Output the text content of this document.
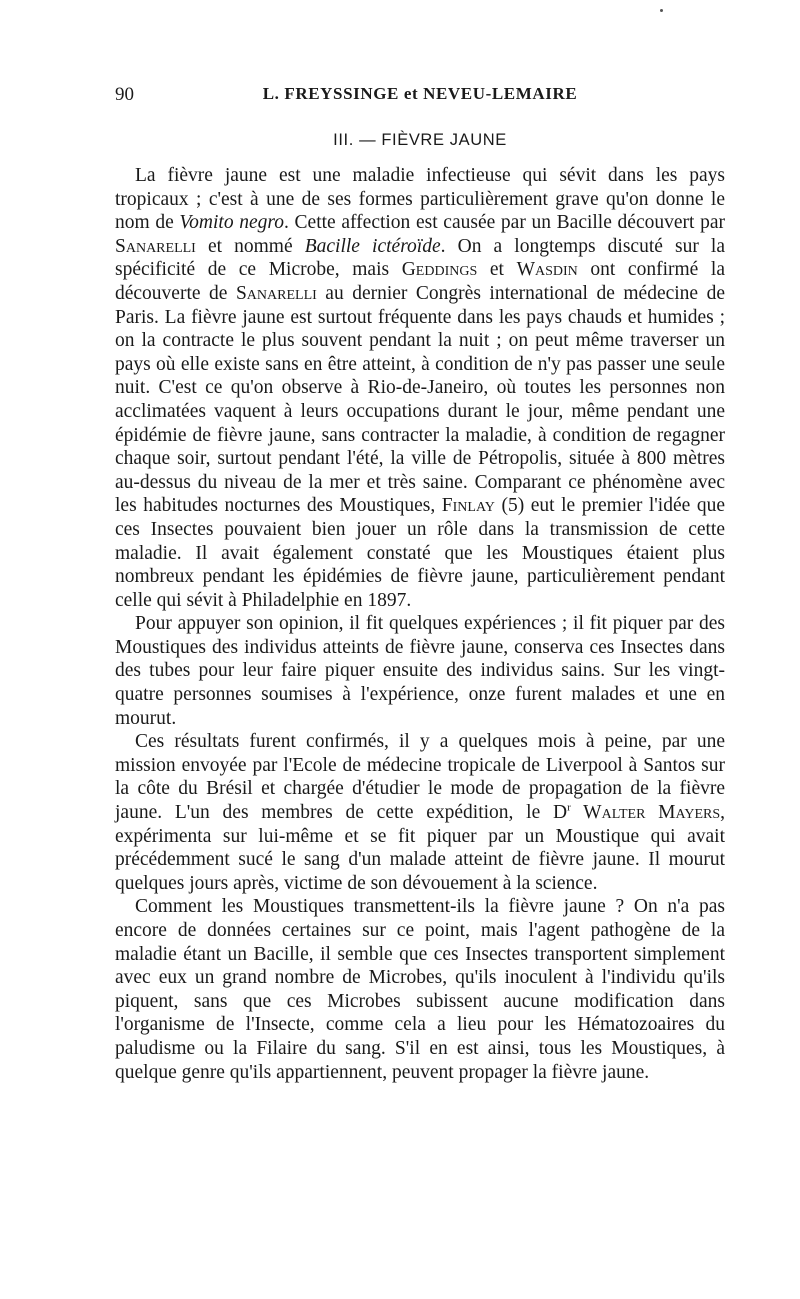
90	L. FREYSSINGE et NEVEU-LEMAIRE
III. — FIÈVRE JAUNE

La fièvre jaune est une maladie infectieuse qui sévit dans les pays tropicaux ; c'est à une de ses formes particulièrement grave qu'on donne le nom de Vomito negro. Cette affection est causée par un Bacille découvert par Sanarelli et nommé Bacille ictéroïde. On a longtemps discuté sur la spécificité de ce Microbe, mais Geddings et Wasdin ont confirmé la découverte de Sanarelli au dernier Congrès international de médecine de Paris. La fièvre jaune est surtout fréquente dans les pays chauds et humides ; on la contracte le plus souvent pendant la nuit ; on peut même traverser un pays où elle existe sans en être atteint, à condition de n'y pas passer une seule nuit. C'est ce qu'on observe à Rio-de-Janeiro, où toutes les personnes non acclimatées vaquent à leurs occupations durant le jour, même pendant une épidémie de fièvre jaune, sans contracter la maladie, à condition de regagner chaque soir, surtout pendant l'été, la ville de Pétropolis, située à 800 mètres au-dessus du niveau de la mer et très saine. Comparant ce phénomène avec les habitudes nocturnes des Moustiques, Finlay (5) eut le premier l'idée que ces Insectes pouvaient bien jouer un rôle dans la transmission de cette maladie. Il avait également constaté que les Moustiques étaient plus nombreux pendant les épidémies de fièvre jaune, particulièrement pendant celle qui sévit à Philadelphie en 1897.

Pour appuyer son opinion, il fit quelques expériences ; il fit piquer par des Moustiques des individus atteints de fièvre jaune, conserva ces Insectes dans des tubes pour leur faire piquer ensuite des individus sains. Sur les vingt-quatre personnes soumises à l'expérience, onze furent malades et une en mourut.

Ces résultats furent confirmés, il y a quelques mois à peine, par une mission envoyée par l'Ecole de médecine tropicale de Liverpool à Santos sur la côte du Brésil et chargée d'étudier le mode de propagation de la fièvre jaune. L'un des membres de cette expédition, le $D^r$ Walter Mayers, expérimenta sur lui-même et se fit piquer par un Moustique qui avait précédemment sucé le sang d'un malade atteint de fièvre jaune. Il mourut quelques jours après, victime de son dévouement à la science.

Comment les Moustiques transmettent-ils la fièvre jaune ? On n'a pas encore de données certaines sur ce point, mais l'agent pathogène de la maladie étant un Bacille, il semble que ces Insectes transportent simplement avec eux un grand nombre de Microbes, qu'ils inoculent à l'individu qu'ils piquent, sans que ces Microbes subissent aucune modification dans l'organisme de l'Insecte, comme cela a lieu pour les Hématozoaires du paludisme ou la Filaire du sang. S'il en est ainsi, tous les Moustiques, à quelque genre qu'ils appartiennent, peuvent propager la fièvre jaune.
